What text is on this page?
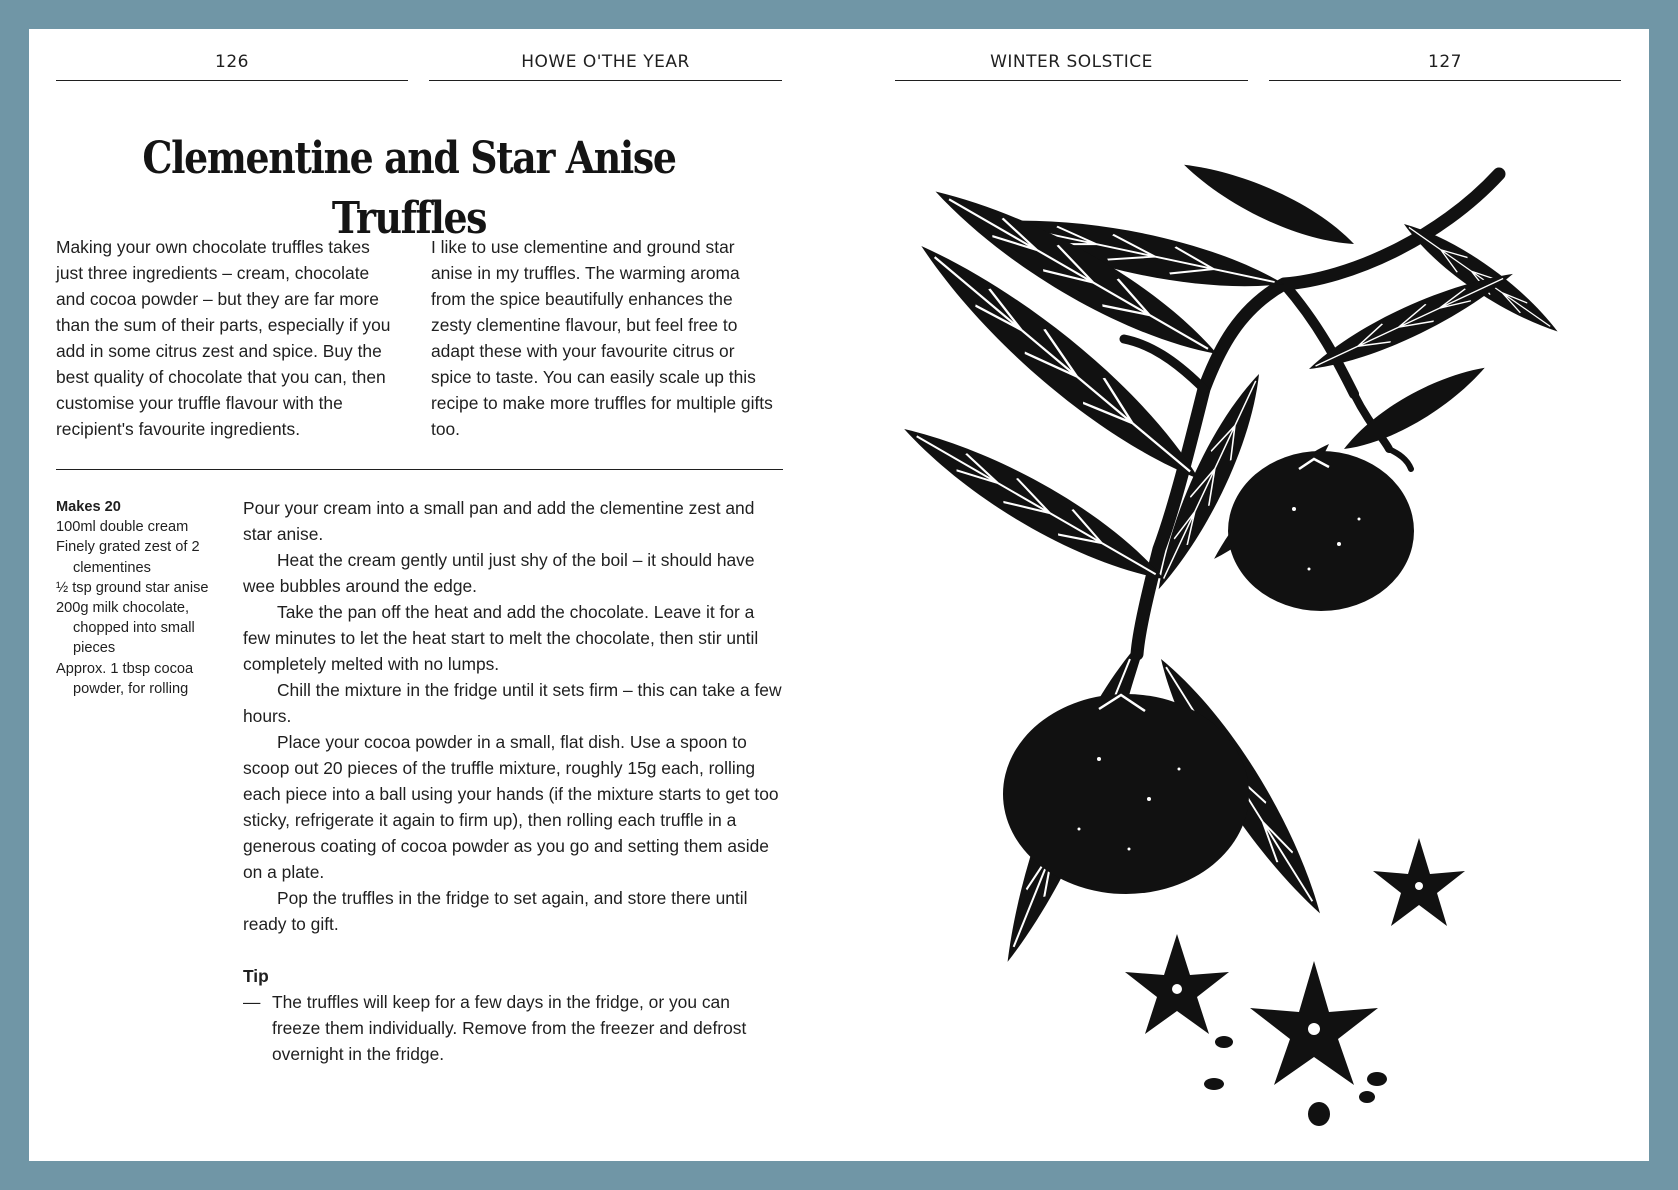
126	HOWE O'THE YEAR	WINTER SOLSTICE	127
Clementine and Star Anise Truffles
Making your own chocolate truffles takes just three ingredients – cream, chocolate and cocoa powder – but they are far more than the sum of their parts, especially if you add in some citrus zest and spice. Buy the best quality of chocolate that you can, then customise your truffle flavour with the recipient's favourite ingredients.
I like to use clementine and ground star anise in my truffles. The warming aroma from the spice beautifully enhances the zesty clementine flavour, but feel free to adapt these with your favourite citrus or spice to taste. You can easily scale up this recipe to make more truffles for multiple gifts too.
Makes 20
100ml double cream
Finely grated zest of 2 clementines
½ tsp ground star anise
200g milk chocolate, chopped into small pieces
Approx. 1 tbsp cocoa powder, for rolling

Pour your cream into a small pan and add the clementine zest and star anise.

Heat the cream gently until just shy of the boil – it should have wee bubbles around the edge.

Take the pan off the heat and add the chocolate. Leave it for a few minutes to let the heat start to melt the chocolate, then stir until completely melted with no lumps.

Chill the mixture in the fridge until it sets firm – this can take a few hours.

Place your cocoa powder in a small, flat dish. Use a spoon to scoop out 20 pieces of the truffle mixture, roughly 15g each, rolling each piece into a ball using your hands (if the mixture starts to get too sticky, refrigerate it again to firm up), then rolling each truffle in a generous coating of cocoa powder as you go and setting them aside on a plate.

Pop the truffles in the fridge to set again, and store there until ready to gift.

Tip
— The truffles will keep for a few days in the fridge, or you can freeze them individually. Remove from the freezer and defrost overnight in the fridge.
